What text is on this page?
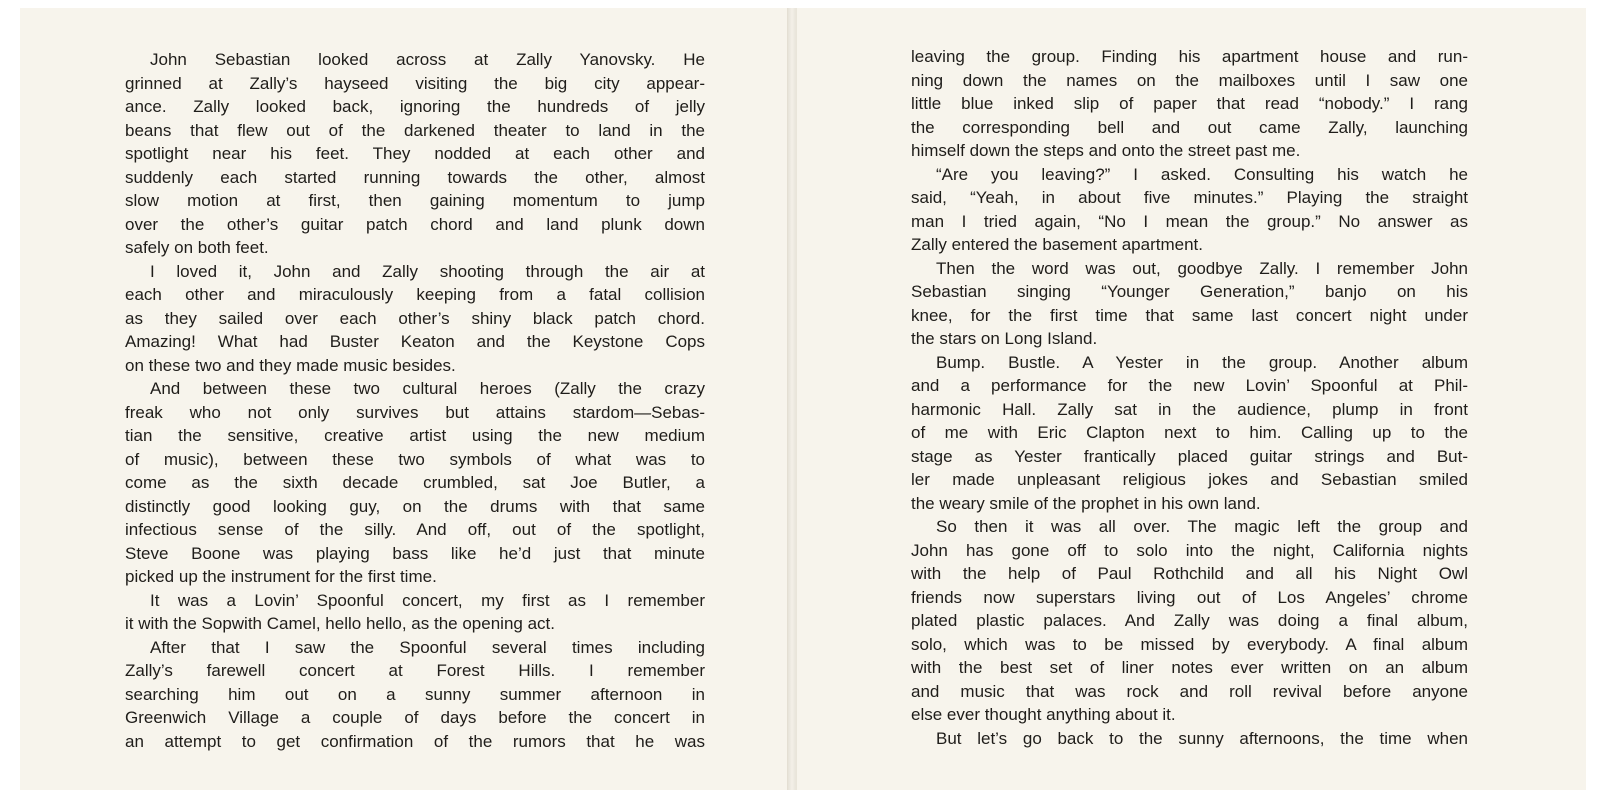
John Sebastian looked across at Zally Yanovsky. He
grinned at Zally’s hayseed visiting the big city appear-
ance. Zally looked back, ignoring the hundreds of jelly
beans that flew out of the darkened theater to land in the
spotlight near his feet. They nodded at each other and
suddenly each started running towards the other, almost
slow motion at first, then gaining momentum to jump
over the other’s guitar patch chord and land plunk down
safely on both feet.
I loved it, John and Zally shooting through the air at
each other and miraculously keeping from a fatal collision
as they sailed over each other’s shiny black patch chord.
Amazing! What had Buster Keaton and the Keystone Cops
on these two and they made music besides.
And between these two cultural heroes (Zally the crazy
freak who not only survives but attains stardom—Sebas-
tian the sensitive, creative artist using the new medium
of music), between these two symbols of what was to
come as the sixth decade crumbled, sat Joe Butler, a
distinctly good looking guy, on the drums with that same
infectious sense of the silly. And off, out of the spotlight,
Steve Boone was playing bass like he’d just that minute
picked up the instrument for the first time.
It was a Lovin’ Spoonful concert, my first as I remember
it with the Sopwith Camel, hello hello, as the opening act.
After that I saw the Spoonful several times including
Zally’s farewell concert at Forest Hills. I remember
searching him out on a sunny summer afternoon in
Greenwich Village a couple of days before the concert in
an attempt to get confirmation of the rumors that he was
leaving the group. Finding his apartment house and run-
ning down the names on the mailboxes until I saw one
little blue inked slip of paper that read “nobody.” I rang
the corresponding bell and out came Zally, launching
himself down the steps and onto the street past me.
“Are you leaving?” I asked. Consulting his watch he
said, “Yeah, in about five minutes.” Playing the straight
man I tried again, “No I mean the group.” No answer as
Zally entered the basement apartment.
Then the word was out, goodbye Zally. I remember John
Sebastian singing “Younger Generation,” banjo on his
knee, for the first time that same last concert night under
the stars on Long Island.
Bump. Bustle. A Yester in the group. Another album
and a performance for the new Lovin’ Spoonful at Phil-
harmonic Hall. Zally sat in the audience, plump in front
of me with Eric Clapton next to him. Calling up to the
stage as Yester frantically placed guitar strings and But-
ler made unpleasant religious jokes and Sebastian smiled
the weary smile of the prophet in his own land.
So then it was all over. The magic left the group and
John has gone off to solo into the night, California nights
with the help of Paul Rothchild and all his Night Owl
friends now superstars living out of Los Angeles’ chrome
plated plastic palaces. And Zally was doing a final album,
solo, which was to be missed by everybody. A final album
with the best set of liner notes ever written on an album
and music that was rock and roll revival before anyone
else ever thought anything about it.
But let’s go back to the sunny afternoons, the time when
